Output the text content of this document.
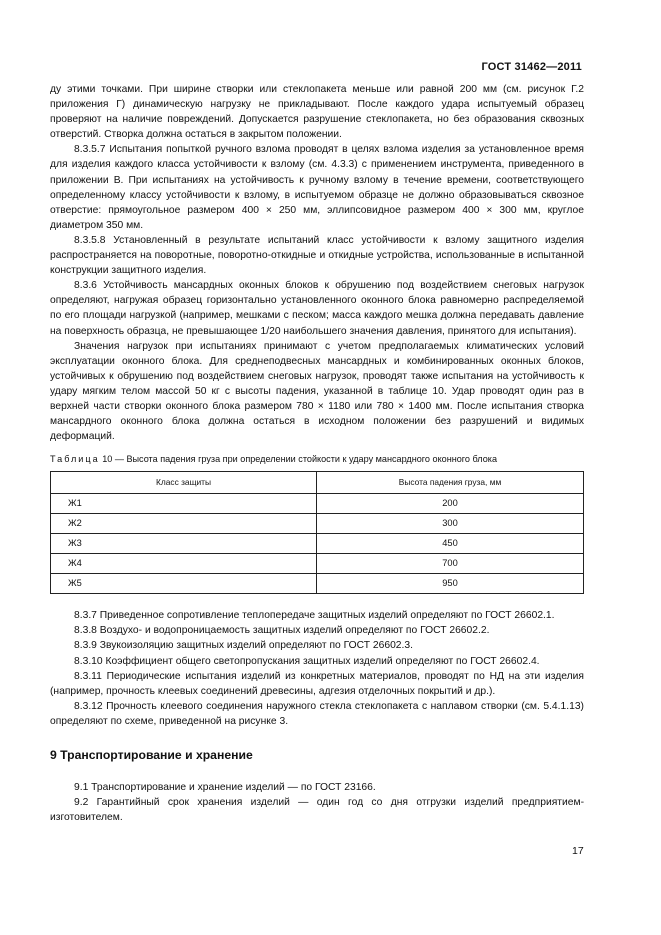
ГОСТ 31462—2011

ду этими точками. При ширине створки или стеклопакета меньше или равной 200 мм (см. рисунок Г.2 приложения Г) динамическую нагрузку не прикладывают. После каждого удара испытуемый образец проверяют на наличие повреждений. Допускается разрушение стеклопакета, но без образования сквозных отверстий. Створка должна остаться в закрытом положении.

8.3.5.7 Испытания попыткой ручного взлома проводят в целях взлома изделия за установленное время для изделия каждого класса устойчивости к взлому (см. 4.3.3) с применением инструмента, приведенного в приложении В. При испытаниях на устойчивость к ручному взлому в течение времени, соответствующего определенному классу устойчивости к взлому, в испытуемом образце не должно образовываться сквозное отверстие: прямоугольное размером 400 × 250 мм, эллипсовидное размером 400 × 300 мм, круглое диаметром 350 мм.

8.3.5.8 Установленный в результате испытаний класс устойчивости к взлому защитного изделия распространяется на поворотные, поворотно-откидные и откидные устройства, использованные в испытанной конструкции защитного изделия.

8.3.6 Устойчивость мансардных оконных блоков к обрушению под воздействием снеговых нагрузок определяют, нагружая образец горизонтально установленного оконного блока равномерно распределяемой по его площади нагрузкой (например, мешками с песком; масса каждого мешка должна передавать давление на поверхность образца, не превышающее 1/20 наибольшего значения давления, принятого для испытания).

Значения нагрузок при испытаниях принимают с учетом предполагаемых климатических условий эксплуатации оконного блока. Для среднеподвесных мансардных и комбинированных оконных блоков, устойчивых к обрушению под воздействием снеговых нагрузок, проводят также испытания на устойчивость к удару мягким телом массой 50 кг с высоты падения, указанной в таблице 10. Удар проводят один раз в верхней части створки оконного блока размером 780 × 1180 или 780 × 1400 мм. После испытания створка мансардного оконного блока должна остаться в исходном положении без разрушений и видимых деформаций.

Таблица 10 — Высота падения груза при определении стойкости к удару мансардного оконного блока

Класс защиты	Высота падения груза, мм
Ж1	200
Ж2	300
Ж3	450
Ж4	700
Ж5	950

8.3.7 Приведенное сопротивление теплопередаче защитных изделий определяют по ГОСТ 26602.1.

8.3.8 Воздухо- и водопроницаемость защитных изделий определяют по ГОСТ 26602.2.

8.3.9 Звукоизоляцию защитных изделий определяют по ГОСТ 26602.3.

8.3.10 Коэффициент общего светопропускания защитных изделий определяют по ГОСТ 26602.4.

8.3.11 Периодические испытания изделий из конкретных материалов, проводят по НД на эти изделия (например, прочность клеевых соединений древесины, адгезия отделочных покрытий и др.).

8.3.12 Прочность клеевого соединения наружного стекла стеклопакета с наплавом створки (см. 5.4.1.13) определяют по схеме, приведенной на рисунке 3.

9 Транспортирование и хранение

9.1 Транспортирование и хранение изделий — по ГОСТ 23166.

9.2 Гарантийный срок хранения изделий — один год со дня отгрузки изделий предприятием-изготовителем.

17
